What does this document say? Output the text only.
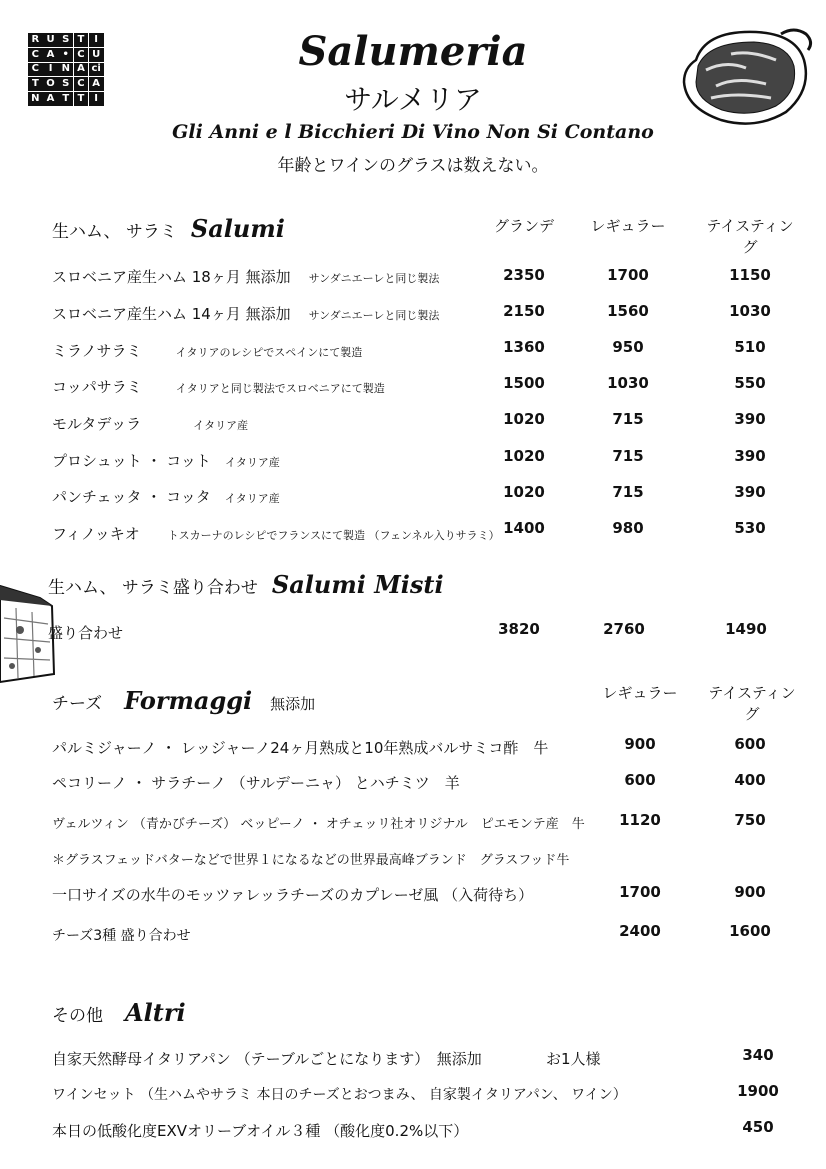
R U S T I
C A • C U
C I N A ci
T O S C A
N A T T I
Salumeria
サルメリア
Gli Anni e l Bicchieri Di Vino Non Si Contano
年齢とワインのグラスは数えない。
生ハム、 サラミ Salumi	グランデ	レギュラー	テイスティング
スロベニア産生ハム 18ヶ月 無添加 サンダニエーレと同じ製法	2350	1700	1150
スロベニア産生ハム 14ヶ月 無添加 サンダニエーレと同じ製法	2150	1560	1030
ミラノサラミ	イタリアのレシピでスペインにて製造	1360	950	510
コッパサラミ	イタリアと同じ製法でスロベニアにて製造	1500	1030	550
モルタデッラ	イタリア産	1020	715	390
プロシュット ・ コット イタリア産	1020	715	390
パンチェッタ ・ コッタ イタリア産	1020	715	390
フィノッキオ	トスカーナのレシピでフランスにて製造 （フェンネル入りサラミ） 1400	980	530
生ハム、 サラミ盛り合わせ Salumi Misti
盛り合わせ	3820	2760	1490
チーズ Formaggi 無添加
レギュラー	テイスティング
パルミジャーノ ・ レッジャーノ24ヶ月熟成と10年熟成バルサミコ酢　牛	900	600
ペコリーノ ・ サラチーノ （サルデーニャ） とハチミツ　羊	600	400
ヴェルツィン （青かびチーズ） ベッピーノ ・ オチェッリ社オリジナル　ピエモンテ産　牛	1120	750
＊グラスフェッドバターなどで世界１になるなどの世界最高峰ブランド　グラスフッド牛
一口サイズの水牛のモッツァレッラチーズのカプレーゼ風 （入荷待ち）	1700	900
チーズ3種 盛り合わせ	2400	1600
その他 Altri
自家天然酵母イタリアパン （テーブルごとになります）　無添加	お1人様	340
ワインセット （生ハムやサラミ 本日のチーズとおつまみ、 自家製イタリアパン、 ワイン）	1900
本日の低酸化度EXVオリーブオイル３種 （酸化度0.2%以下）	450
